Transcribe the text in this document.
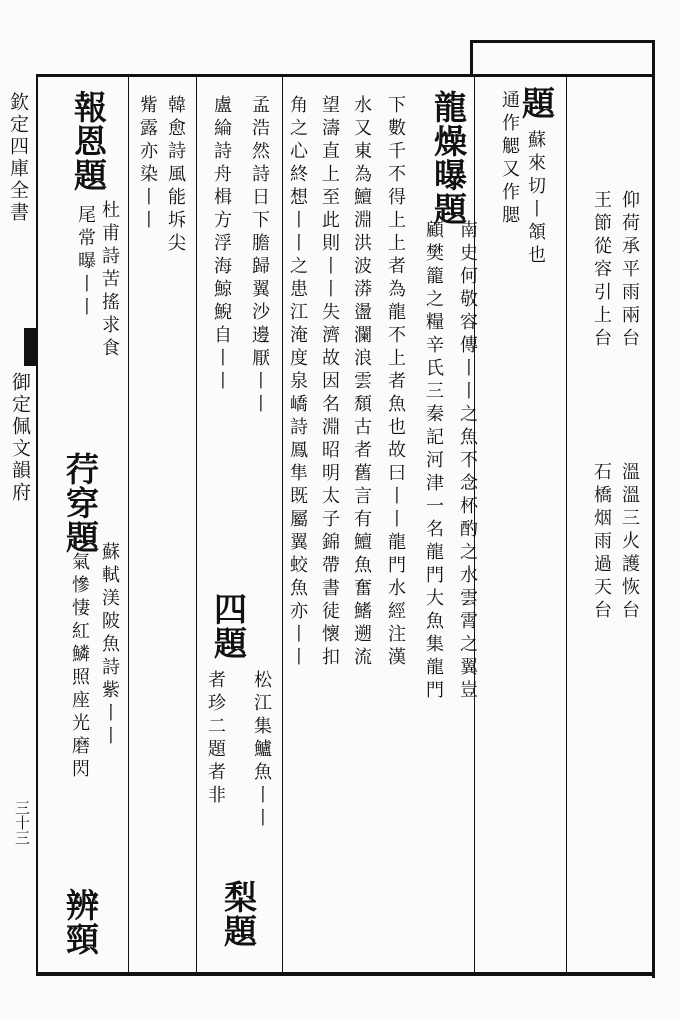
欽定四庫全書
御定佩文韻府
三十三
仰荷承平雨兩台
王節從容引上台
溫溫三火護恢台
石橋烟雨過天台
題
蘇來切丨頷也
通作䚡又作腮
龍燥曝題
南史何敬容傳丨丨之魚不念杯酌之水雲霄之翼豈
顧樊籠之糧辛氏三秦記河津一名龍門大魚集龍門
下數千不得上上者為龍不上者魚也故曰丨丨龍門水經注漢
水又東為鱣淵洪波漭盪瀾浪雲頹古者舊言有鱣魚奮鰭遡流
望濤直上至此則丨丨失濟故因名淵昭明太子錦帶書徒懷扣
角之心終想丨丨之患江淹度泉嶠詩鳳隼既屬翼蛟魚亦丨丨
孟浩然詩日下膽歸翼沙邊厭丨丨
四題
松江集鱸魚丨丨
盧綸詩舟楫方浮海鯨鯢自丨丨
者珍二題者非
梨題
韓愈詩風能坼尖
觜露亦染丨丨
報恩題
杜甫詩苦搖求食
尾常曝丨丨
荇穿題
蘇軾渼陂魚詩紫丨丨
氣慘悽紅鱗照座光磨閃
辨頸
